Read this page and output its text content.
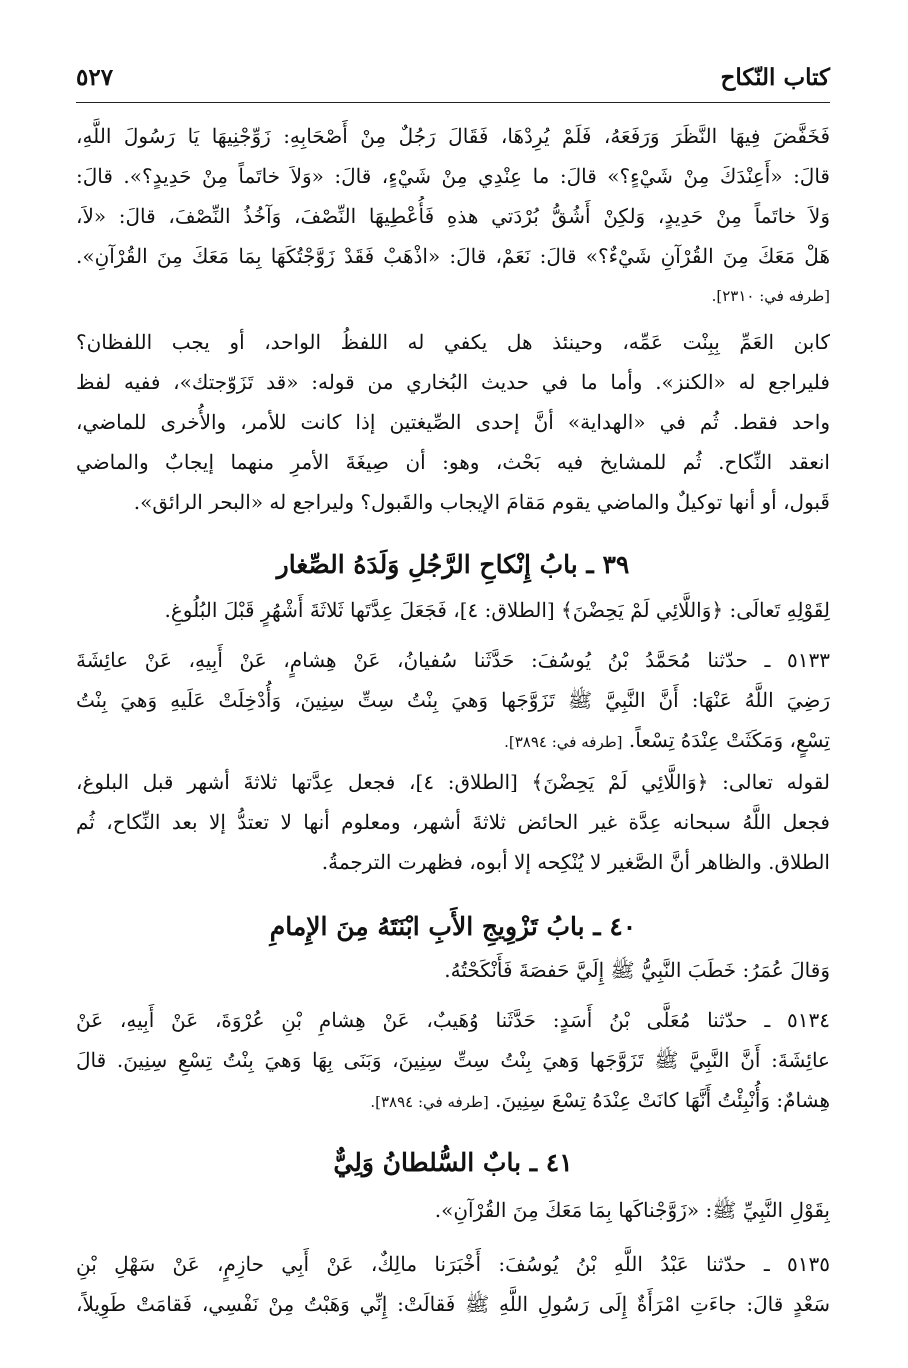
كتاب النّكاح
٥٢٧
فَخَفَّضَ فِيهَا النَّظَرَ وَرَفَعَهُ، فَلَمْ يُرِدْهَا، فَقَالَ رَجُلٌ مِنْ أَصْحَابِهِ: زَوِّجْنِيهَا يَا رَسُولَ اللَّهِ،
قالَ: «أَعِنْدَكَ مِنْ شَيْءٍ؟» قالَ: ما عِنْدِي مِنْ شَيْءٍ، قالَ: «وَلاَ خاتَماً مِنْ حَدِيدٍ؟». قالَ:
وَلاَ خاتَماً مِنْ حَدِيدٍ، وَلكِنْ أَشُقُّ بُرْدَتي هذهِ فَأُعْطِيهَا النِّصْفَ، وَآخُذُ النِّصْفَ، قالَ: «لاَ،
هَلْ مَعَكَ مِنَ القُرْآنِ شَيْءٌ؟» قالَ: نَعَمْ، قالَ: «اذْهَبْ فَقَدْ زَوَّجْتُكَهَا بِمَا مَعَكَ مِنَ القُرْآنِ».
[طرفه في: ٢٣١٠].
كابن العَمِّ بِبِنْت عَمِّه، وحينئذ هل يكفي له اللفظُ الواحد، أو يجب اللفظان؟
فليراجع له «الكنز». وأما ما في حديث البُخاري من قوله: «قد تَزَوّجتك»، ففيه لفظ
واحد فقط. ثُم في «الهداية» أنَّ إحدى الصِّيغتين إذا كانت للأمر، والأُخرى للماضي،
انعقد النِّكاح. ثُم للمشايخ فيه بَحْث، وهو: أن صِيغَةَ الأمرِ منهما إيجابٌ والماضي
قَبول، أو أنها توكيلٌ والماضي يقوم مَقامَ الإيجاب والقَبول؟ وليراجع له «البحر الرائق».
٣٩ ـ بابُ إِنْكاحِ الرَّجُلِ وَلَدَهُ الصِّغار
لِقَوْلِهِ تَعالَى: ﴿وَاللَّائِي لَمْ يَحِضْنَ﴾ [الطلاق: ٤]، فَجَعَلَ عِدَّتَها ثَلاثَةَ أَشْهُرٍ قَبْلَ البُلُوغِ.
٥١٣٣ ـ حدّثنا مُحَمَّدُ بْنُ يُوسُفَ: حَدَّثَنا سُفيانُ، عَنْ هِشامٍ، عَنْ أَبِيهِ، عَنْ عائِشَةَ
رَضِيَ اللَّهُ عَنْهَا: أَنَّ النَّبِيَّ ﷺ تَزَوَّجَها وَهيَ بِنْتُ سِتِّ سِنِينَ، وَأُدْخِلَتْ عَلَيهِ وَهيَ بِنْتُ
تِسْعٍ، وَمَكَثَتْ عِنْدَهُ تِسْعاً. [طرفه في: ٣٨٩٤].
لقوله تعالى: ﴿وَاللَّائِي لَمْ يَحِضْنَ﴾ [الطلاق: ٤]، فجعل عِدَّتها ثلاثةَ أشهر قبل البلوغ،
فجعل اللَّهُ سبحانه عِدَّة غير الحائض ثلاثةَ أشهر، ومعلوم أنها لا تعتدُّ إلا بعد النِّكاح، ثُم
الطلاق. والظاهر أنَّ الصَّغير لا يُنْكِحه إلا أبوه، فظهرت الترجمةُ.
٤٠ ـ بابُ تَزْوِيجِ الأَبِ ابْنَتَهُ مِنَ الإِمامِ
وَقالَ عُمَرُ: خَطَبَ النَّبِيُّ ﷺ إِلَيَّ حَفصَةَ فَأَنْكَحْتُهُ.
٥١٣٤ ـ حدّثنا مُعَلَّى بْنُ أَسَدٍ: حَدَّثَنا وُهَيبٌ، عَنْ هِشامِ بْنِ عُرْوَةَ، عَنْ أَبِيهِ، عَنْ
عائِشَةَ: أَنَّ النَّبِيَّ ﷺ تَزَوَّجَها وَهيَ بِنْتُ سِتِّ سِنِينَ، وَبَنَى بِهَا وَهيَ بِنْتُ تِسْعِ سِنِينَ. قالَ
هِشامٌ: وَأُنْبِئْتُ أَنَّهَا كانَتْ عِنْدَهُ تِسْعَ سِنِينَ. [طرفه في: ٣٨٩٤].
٤١ ـ بابٌ السُّلطانُ وَلِيٌّ
بِقَوْلِ النَّبِيِّ ﷺ: «زَوَّجْناكَها بِمَا مَعَكَ مِنَ القُرْآنِ».
٥١٣٥ ـ حدّثنا عَبْدُ اللَّهِ بْنُ يُوسُفَ: أَخْبَرَنا مالِكٌ، عَنْ أَبِي حازِمٍ، عَنْ سَهْلِ بْنِ
سَعْدٍ قالَ: جاءَتِ امْرَأَةٌ إِلَى رَسُولِ اللَّهِ ﷺ فَقالَتْ: إِنِّي وَهَبْتُ مِنْ نَفْسِي، فَقامَتْ طَوِيلاً،
